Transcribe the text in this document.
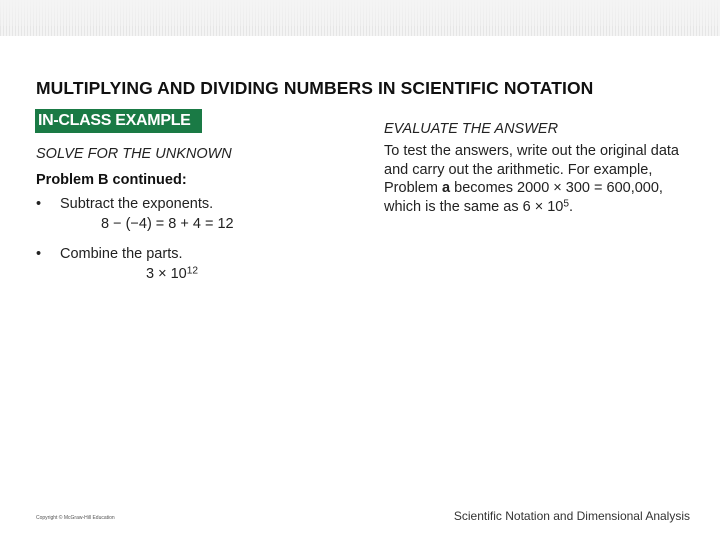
MULTIPLYING AND DIVIDING NUMBERS IN SCIENTIFIC NOTATION
IN-CLASS EXAMPLE

SOLVE FOR THE UNKNOWN

Problem B continued:
•	Subtract the exponents.
8 − (−4) = 8 + 4 = 12
•	Combine the parts.
$3 \times 10^{12}$

EVALUATE THE ANSWER

To test the answers, write out the original data and carry out the arithmetic. For example, Problem a becomes 2000 × 300 = 600,000, which is the same as $6 \times 10^5$.
Copyright © McGraw-Hill Education	Scientific Notation and Dimensional Analysis
